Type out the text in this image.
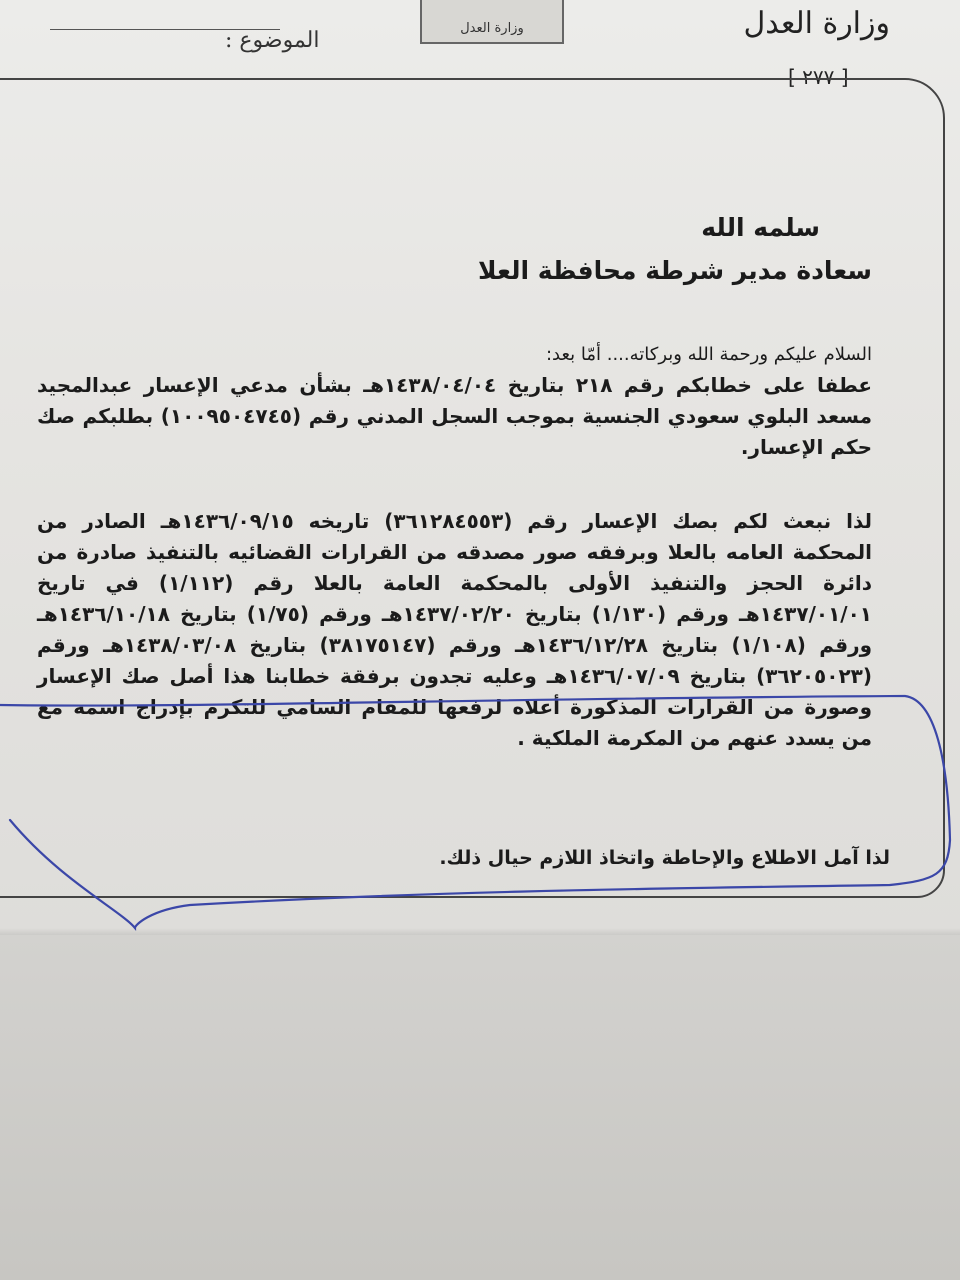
وزارة العدل
وزارة العدل
الموضوع :
[ ٢٧٧ ]
سلمه الله
سعادة مدير شرطة محافظة العلا
السلام عليكم ورحمة الله وبركاته.... أمّا بعد:
عطفا على خطابكم رقم ٢١٨ بتاريخ ١٤٣٨/٠٤/٠٤هـ بشأن مدعي الإعسار عبدالمجيد مسعد البلوي سعودي الجنسية بموجب السجل المدني رقم (١٠٠٩٥٠٤٧٤٥) بطلبكم صك حكم الإعسار.
لذا نبعث لكم بصك الإعسار رقم (٣٦١٢٨٤٥٥٣) تاريخه ١٤٣٦/٠٩/١٥هـ الصادر من المحكمة العامه بالعلا وبرفقه صور مصدقه من القرارات القضائيه بالتنفيذ صادرة من دائرة الحجز والتنفيذ الأولى بالمحكمة العامة بالعلا رقم (١/١١٢) في تاريخ ١٤٣٧/٠١/٠١هـ ورقم (١/١٣٠) بتاريخ ١٤٣٧/٠٢/٢٠هـ ورقم (١/٧٥) بتاريخ ١٤٣٦/١٠/١٨هـ ورقم (١/١٠٨) بتاريخ ١٤٣٦/١٢/٢٨هـ ورقم (٣٨١٧٥١٤٧) بتاريخ ١٤٣٨/٠٣/٠٨هـ ورقم (٣٦٢٠٥٠٢٣) بتاريخ ١٤٣٦/٠٧/٠٩هـ وعليه تجدون برفقة خطابنا هذا أصل صك الإعسار وصورة من القرارات المذكورة أعلاه لرفعها للمقام السامي للتكرم بإدراج اسمه مع من يسدد عنهم من المكرمة الملكية .
لذا آمل الاطلاع والإحاطة واتخاذ اللازم حيال ذلك.
